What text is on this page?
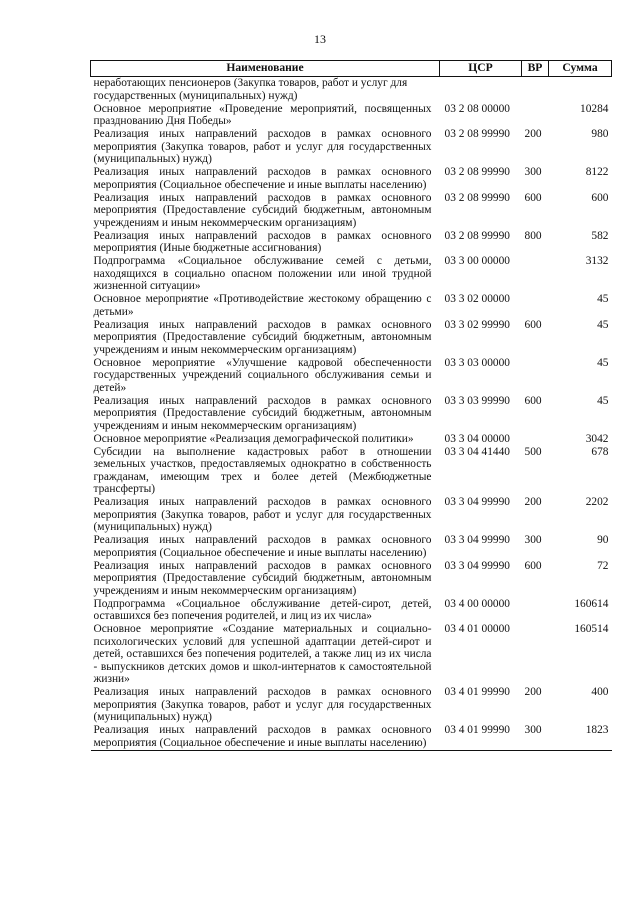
13
Наименование	ЦСР	ВР	Сумма
неработающих пенсионеров (Закупка товаров, работ и услуг для государственных (муниципальных) нужд)			
Основное мероприятие «Проведение мероприятий, посвященных празднованию Дня Победы»	03 2 08 00000		10284
Реализация иных направлений расходов в рамках основного мероприятия (Закупка товаров, работ и услуг для государственных (муниципальных) нужд)	03 2 08 99990	200	980
Реализация иных направлений расходов в рамках основного мероприятия (Социальное обеспечение и иные выплаты населению)	03 2 08 99990	300	8122
Реализация иных направлений расходов в рамках основного мероприятия (Предоставление субсидий бюджетным, автономным учреждениям и иным некоммерческим организациям)	03 2 08 99990	600	600
Реализация иных направлений расходов в рамках основного мероприятия (Иные бюджетные ассигнования)	03 2 08 99990	800	582
Подпрограмма «Социальное обслуживание семей с детьми, находящихся в социально опасном положении или иной трудной жизненной ситуации»	03 3 00 00000		3132
Основное мероприятие «Противодействие жестокому обращению с детьми»	03 3 02 00000		45
Реализация иных направлений расходов в рамках основного мероприятия (Предоставление субсидий бюджетным, автономным учреждениям и иным некоммерческим организациям)	03 3 02 99990	600	45
Основное мероприятие «Улучшение кадровой обеспеченности государственных учреждений социального обслуживания семьи и детей»	03 3 03 00000		45
Реализация иных направлений расходов в рамках основного мероприятия (Предоставление субсидий бюджетным, автономным учреждениям и иным некоммерческим организациям)	03 3 03 99990	600	45
Основное мероприятие «Реализация демографической политики»	03 3 04 00000		3042
Субсидии на выполнение кадастровых работ в отношении земельных участков, предоставляемых однократно в собственность гражданам, имеющим трех и более детей (Межбюджетные трансферты)	03 3 04 41440	500	678
Реализация иных направлений расходов в рамках основного мероприятия (Закупка товаров, работ и услуг для государственных (муниципальных) нужд)	03 3 04 99990	200	2202
Реализация иных направлений расходов в рамках основного мероприятия (Социальное обеспечение и иные выплаты населению)	03 3 04 99990	300	90
Реализация иных направлений расходов в рамках основного мероприятия (Предоставление субсидий бюджетным, автономным учреждениям и иным некоммерческим организациям)	03 3 04 99990	600	72
Подпрограмма «Социальное обслуживание детей-сирот, детей, оставшихся без попечения родителей, и лиц из их числа»	03 4 00 00000		160614
Основное мероприятие «Создание материальных и социально-психологических условий для успешной адаптации детей-сирот и детей, оставшихся без попечения родителей, а также лиц из их числа - выпускников детских домов и школ-интернатов к самостоятельной жизни»	03 4 01 00000		160514
Реализация иных направлений расходов в рамках основного мероприятия (Закупка товаров, работ и услуг для государственных (муниципальных) нужд)	03 4 01 99990	200	400
Реализация иных направлений расходов в рамках основного мероприятия (Социальное обеспечение и иные выплаты населению)	03 4 01 99990	300	1823
